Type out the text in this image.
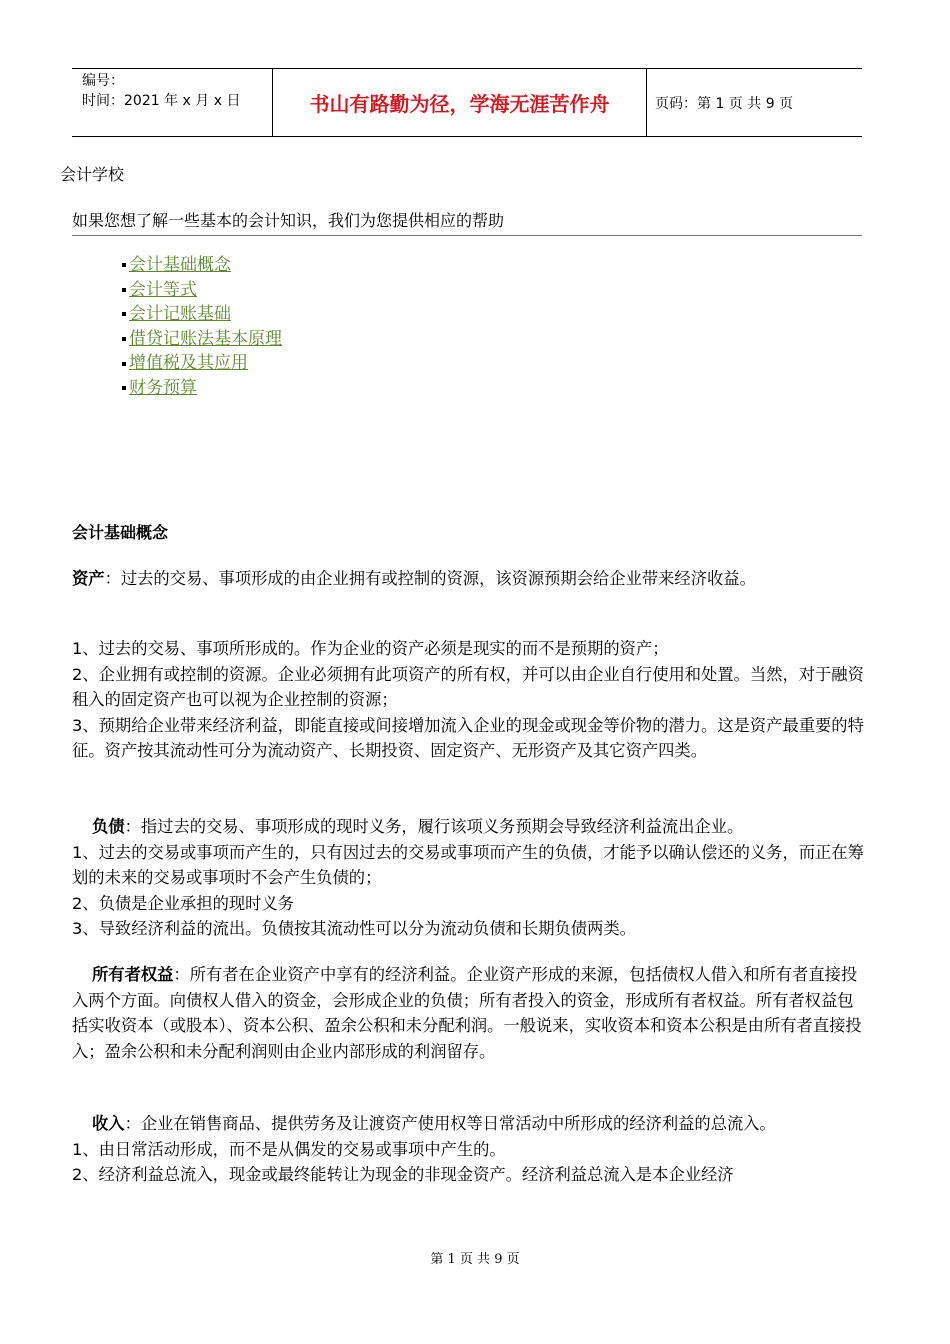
编号：
时间：2021 年 x 月 x 日	书山有路勤为径，学海无涯苦作舟	页码：第 1 页 共 9 页
会计学校
如果您想了解一些基本的会计知识，我们为您提供相应的帮助
会计基础概念
会计等式
会计记账基础
借贷记账法基本原理
增值税及其应用
财务预算
会计基础概念

资产：过去的交易、事项形成的由企业拥有或控制的资源，该资源预期会给企业带来经济收益。

1、过去的交易、事项所形成的。作为企业的资产必须是现实的而不是预期的资产；
2、企业拥有或控制的资源。企业必须拥有此项资产的所有权，并可以由企业自行使用和处置。当然，对于融资租入的固定资产也可以视为企业控制的资源；
3、预期给企业带来经济利益，即能直接或间接增加流入企业的现金或现金等价物的潜力。这是资产最重要的特征。资产按其流动性可分为流动资产、长期投资、固定资产、无形资产及其它资产四类。
负债：指过去的交易、事项形成的现时义务，履行该项义务预期会导致经济利益流出企业。
1、过去的交易或事项而产生的，只有因过去的交易或事项而产生的负债，才能予以确认偿还的义务，而正在筹划的未来的交易或事项时不会产生负债的；
2、负债是企业承担的现时义务
3、导致经济利益的流出。负债按其流动性可以分为流动负债和长期负债两类。

所有者权益：所有者在企业资产中享有的经济利益。企业资产形成的来源，包括债权人借入和所有者直接投入两个方面。向债权人借入的资金，会形成企业的负债；所有者投入的资金，形成所有者权益。所有者权益包括实收资本（或股本）、资本公积、盈余公积和未分配利润。一般说来，实收资本和资本公积是由所有者直接投入；盈余公积和未分配利润则由企业内部形成的利润留存。

收入：企业在销售商品、提供劳务及让渡资产使用权等日常活动中所形成的经济利益的总流入。
1、由日常活动形成，而不是从偶发的交易或事项中产生的。
2、经济利益总流入，现金或最终能转让为现金的非现金资产。经济利益总流入是本企业经济
第 1 页 共 9 页
